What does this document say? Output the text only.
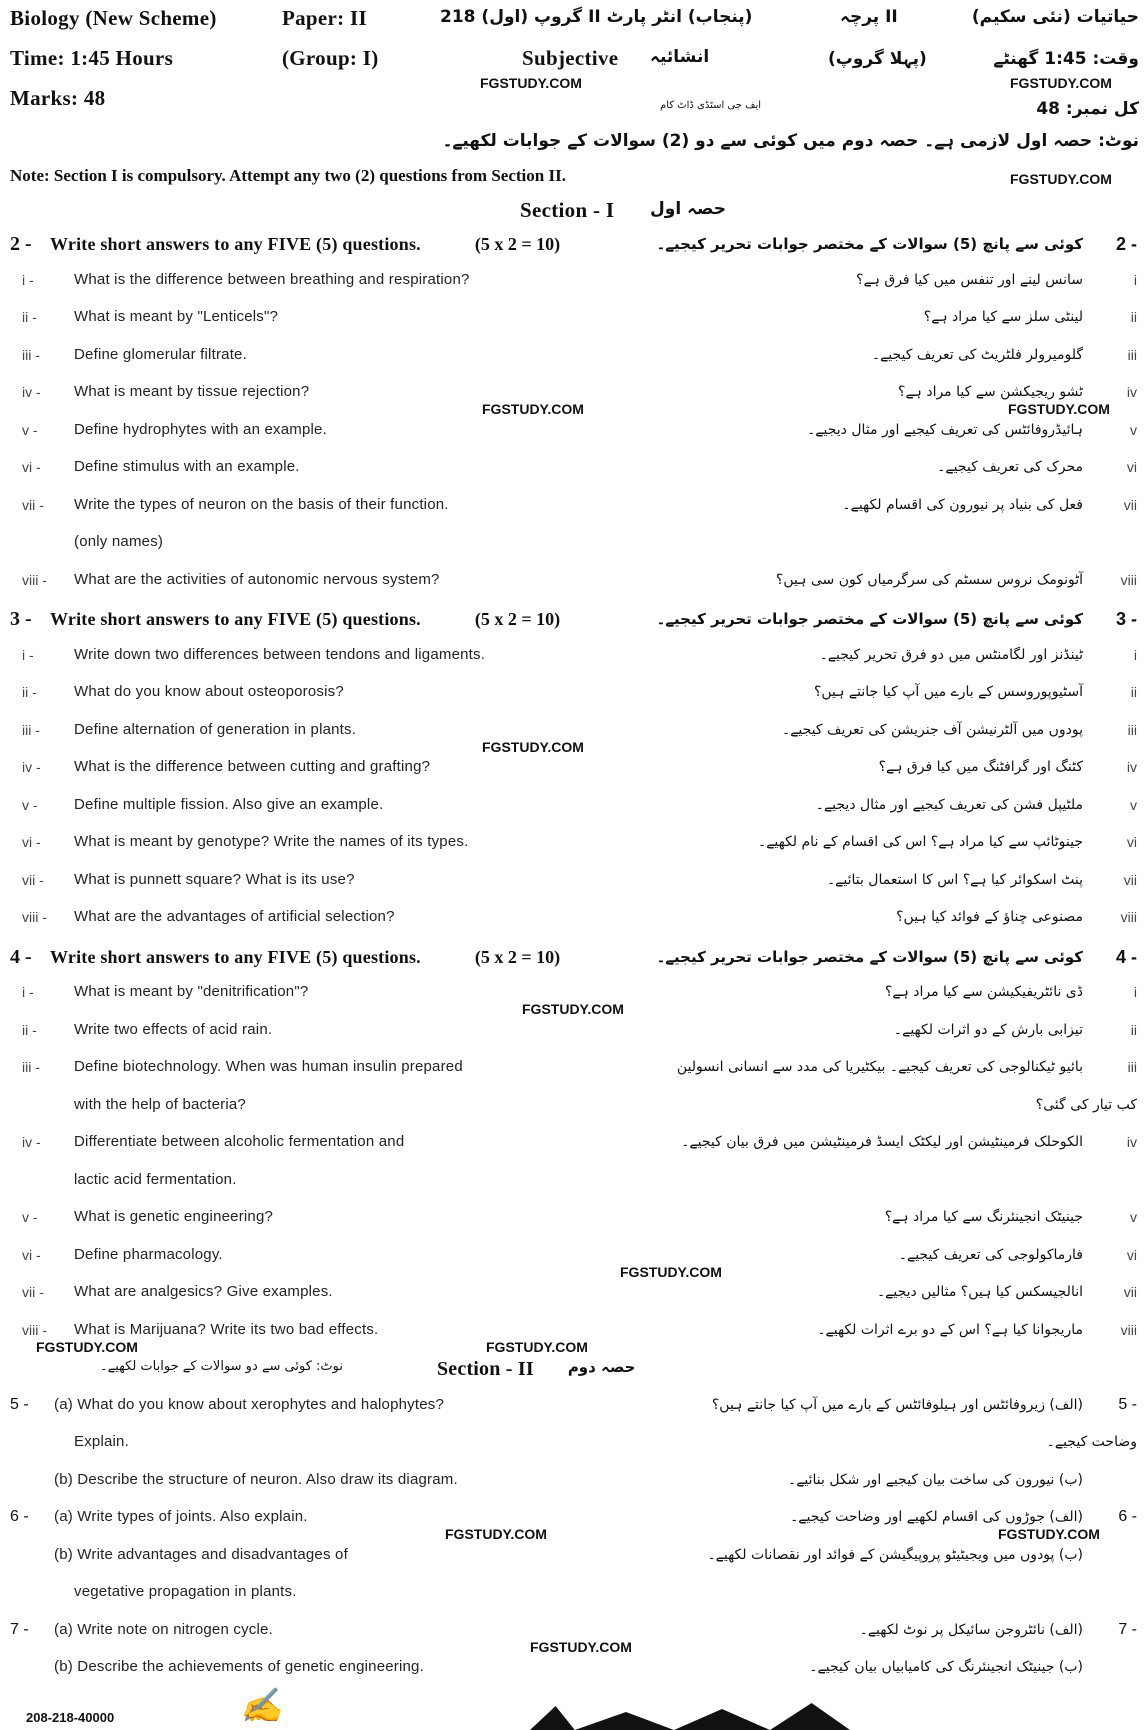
Biology (New Scheme)	Paper: II	(پنجاب) انٹر پارٹ II گروپ (اول) 218	II پرچہ	حیاتیات (نئی سکیم)
Time: 1:45 Hours	(Group: I)	Subjective انشائیہ	(پہلا گروپ)	وقت: 1:45 گھنٹے
Marks: 48
FGSTUDY.COM	FGSTUDY.COM
کل نمبر: 48
ایف جی اسٹڈی ڈاٹ کام
نوٹ: حصہ اول لازمی ہے۔ حصہ دوم میں کوئی سے دو (2) سوالات کے جوابات لکھیے۔
Note: Section I is compulsory. Attempt any two (2) questions from Section II.	FGSTUDY.COM
Section - I حصہ اول
2 - Write short answers to any FIVE (5) questions.	(5 x 2 = 10)	کوئی سے پانچ (5) سوالات کے مختصر جوابات تحریر کیجیے۔	2 -
i -	What is the difference between breathing and respiration?	سانس لینے اور تنفس میں کیا فرق ہے؟	i
ii -	What is meant by "Lenticels"?	لینٹی سلز سے کیا مراد ہے؟	ii
iii -	Define glomerular filtrate.	گلومیرولر فلٹریٹ کی تعریف کیجیے۔	iii
iv -	What is meant by tissue rejection?	ٹشو ریجیکشن سے کیا مراد ہے؟	iv
FGSTUDY.COM	FGSTUDY.COM
v -	Define hydrophytes with an example.	ہائیڈروفائٹس کی تعریف کیجیے اور مثال دیجیے۔	v
vi -	Define stimulus with an example.	محرک کی تعریف کیجیے۔	vi
vii -	Write the types of neuron on the basis of their function.	فعل کی بنیاد پر نیورون کی اقسام لکھیے۔	vii
(only names)
viii -	What are the activities of autonomic nervous system?	آٹونومک نروس سسٹم کی سرگرمیاں کون سی ہیں؟	viii
3 - Write short answers to any FIVE (5) questions.	(5 x 2 = 10)	کوئی سے پانچ (5) سوالات کے مختصر جوابات تحریر کیجیے۔	3 -
i -	Write down two differences between tendons and ligaments.	ٹینڈنز اور لگامنٹس میں دو فرق تحریر کیجیے۔	i
ii -	What do you know about osteoporosis?	آسٹیوپوروسس کے بارے میں آپ کیا جانتے ہیں؟	ii
iii -	Define alternation of generation in plants.	پودوں میں آلٹرنیشن آف جنریشن کی تعریف کیجیے۔	iii
FGSTUDY.COM
iv -	What is the difference between cutting and grafting?	کٹنگ اور گرافٹنگ میں کیا فرق ہے؟	iv
v -	Define multiple fission. Also give an example.	ملٹیپل فشن کی تعریف کیجیے اور مثال دیجیے۔	v
vi -	What is meant by genotype? Write the names of its types.	جینوٹائپ سے کیا مراد ہے؟ اس کی اقسام کے نام لکھیے۔	vi
vii -	What is punnett square? What is its use?	پنٹ اسکوائر کیا ہے؟ اس کا استعمال بتائیے۔	vii
viii -	What are the advantages of artificial selection?	مصنوعی چناؤ کے فوائد کیا ہیں؟	viii
4 - Write short answers to any FIVE (5) questions.	(5 x 2 = 10)	کوئی سے پانچ (5) سوالات کے مختصر جوابات تحریر کیجیے۔	4 -
i -	What is meant by "denitrification"?	ڈی نائٹریفیکیشن سے کیا مراد ہے؟	i
FGSTUDY.COM
ii -	Write two effects of acid rain.	تیزابی بارش کے دو اثرات لکھیے۔	ii
iii -	Define biotechnology. When was human insulin prepared	بائیو ٹیکنالوجی کی تعریف کیجیے۔ بیکٹیریا کی مدد سے انسانی انسولین	iii
with the help of bacteria?	کب تیار کی گئی؟
iv -	Differentiate between alcoholic fermentation and	الکوحلک فرمینٹیشن اور لیکٹک ایسڈ فرمینٹیشن میں فرق بیان کیجیے۔	iv
lactic acid fermentation.
v -	What is genetic engineering?	جینیٹک انجینئرنگ سے کیا مراد ہے؟	v
vi -	Define pharmacology.	فارماکولوجی کی تعریف کیجیے۔	vi
FGSTUDY.COM
vii -	What are analgesics? Give examples.	انالجیسکس کیا ہیں؟ مثالیں دیجیے۔	vii
viii -	What is Marijuana? Write its two bad effects.	ماریجوانا کیا ہے؟ اس کے دو برے اثرات لکھیے۔	viii
FGSTUDY.COM	FGSTUDY.COM
نوٹ: کوئی سے دو سوالات کے جوابات لکھیے۔	Section - II حصہ دوم
5 -	(a) What do you know about xerophytes and halophytes?	(الف) زیروفائٹس اور ہیلوفائٹس کے بارے میں آپ کیا جانتے ہیں؟	5 -
Explain.	وضاحت کیجیے۔
(b) Describe the structure of neuron. Also draw its diagram.	(ب) نیورون کی ساخت بیان کیجیے اور شکل بنائیے۔
6 -	(a) Write types of joints. Also explain.	(الف) جوڑوں کی اقسام لکھیے اور وضاحت کیجیے۔	6 -
FGSTUDY.COM	FGSTUDY.COM
(b) Write advantages and disadvantages of	(ب) پودوں میں ویجیٹیٹو پروپیگیشن کے فوائد اور نقصانات لکھیے۔
vegetative propagation in plants.
7 -	(a) Write note on nitrogen cycle.	(الف) نائٹروجن سائیکل پر نوٹ لکھیے۔	7 -
FGSTUDY.COM
(b) Describe the achievements of genetic engineering.	(ب) جینیٹک انجینئرنگ کی کامیابیاں بیان کیجیے۔
208-218-40000	✍
